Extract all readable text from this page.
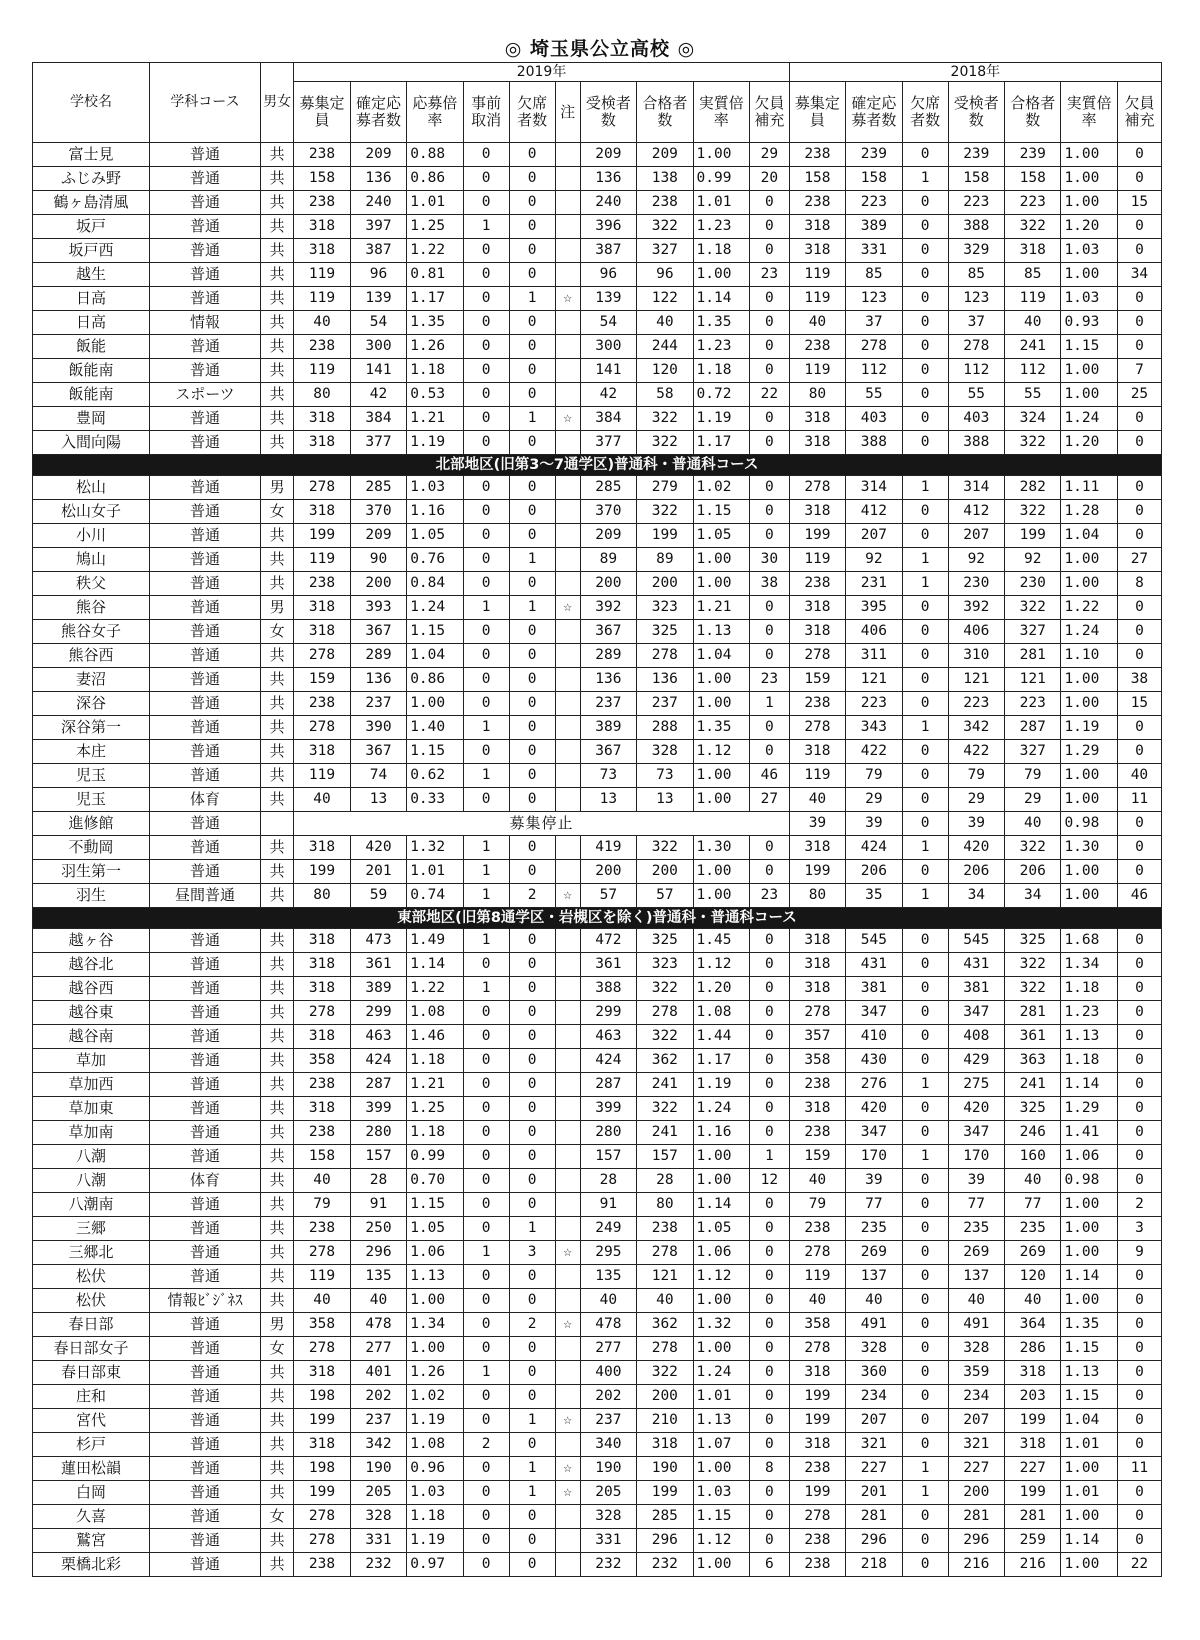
◎ 埼玉県公立高校 ◎
学校名	学科コース	男女	2019年										2018年						
			募集定員	確定応募者数	応募倍率	事前取消	欠席者数	注	受検者数	合格者数	実質倍率	欠員補充	募集定員	確定応募者数	欠席者数	受検者数	合格者数	実質倍率	欠員補充
富士見	普通	共	238	209	0.88	0	0		209	209	1.00	29	238	239	0	239	239	1.00	0
ふじみ野	普通	共	158	136	0.86	0	0		136	138	0.99	20	158	158	1	158	158	1.00	0
鶴ヶ島清風	普通	共	238	240	1.01	0	0		240	238	1.01	0	238	223	0	223	223	1.00	15
坂戸	普通	共	318	397	1.25	1	0		396	322	1.23	0	318	389	0	388	322	1.20	0
坂戸西	普通	共	318	387	1.22	0	0		387	327	1.18	0	318	331	0	329	318	1.03	0
越生	普通	共	119	96	0.81	0	0		96	96	1.00	23	119	85	0	85	85	1.00	34
日高	普通	共	119	139	1.17	0	1	☆	139	122	1.14	0	119	123	0	123	119	1.03	0
日高	情報	共	40	54	1.35	0	0		54	40	1.35	0	40	37	0	37	40	0.93	0
飯能	普通	共	238	300	1.26	0	0		300	244	1.23	0	238	278	0	278	241	1.15	0
飯能南	普通	共	119	141	1.18	0	0		141	120	1.18	0	119	112	0	112	112	1.00	7
飯能南	スポーツ	共	80	42	0.53	0	0		42	58	0.72	22	80	55	0	55	55	1.00	25
豊岡	普通	共	318	384	1.21	0	1	☆	384	322	1.19	0	318	403	0	403	324	1.24	0
入間向陽	普通	共	318	377	1.19	0	0		377	322	1.17	0	318	388	0	388	322	1.20	0
北部地区(旧第3～7通学区)普通科・普通科コース																			
松山	普通	男	278	285	1.03	0	0		285	279	1.02	0	278	314	1	314	282	1.11	0
松山女子	普通	女	318	370	1.16	0	0		370	322	1.15	0	318	412	0	412	322	1.28	0
小川	普通	共	199	209	1.05	0	0		209	199	1.05	0	199	207	0	207	199	1.04	0
鳩山	普通	共	119	90	0.76	0	1		89	89	1.00	30	119	92	1	92	92	1.00	27
秩父	普通	共	238	200	0.84	0	0		200	200	1.00	38	238	231	1	230	230	1.00	8
熊谷	普通	男	318	393	1.24	1	1	☆	392	323	1.21	0	318	395	0	392	322	1.22	0
熊谷女子	普通	女	318	367	1.15	0	0		367	325	1.13	0	318	406	0	406	327	1.24	0
熊谷西	普通	共	278	289	1.04	0	0		289	278	1.04	0	278	311	0	310	281	1.10	0
妻沼	普通	共	159	136	0.86	0	0		136	136	1.00	23	159	121	0	121	121	1.00	38
深谷	普通	共	238	237	1.00	0	0		237	237	1.00	1	238	223	0	223	223	1.00	15
深谷第一	普通	共	278	390	1.40	1	0		389	288	1.35	0	278	343	1	342	287	1.19	0
本庄	普通	共	318	367	1.15	0	0		367	328	1.12	0	318	422	0	422	327	1.29	0
児玉	普通	共	119	74	0.62	1	0		73	73	1.00	46	119	79	0	79	79	1.00	40
児玉	体育	共	40	13	0.33	0	0		13	13	1.00	27	40	29	0	29	29	1.00	11
進修館	普通		募集停止										39	39	0	39	40	0.98	0
不動岡	普通	共	318	420	1.32	1	0		419	322	1.30	0	318	424	1	420	322	1.30	0
羽生第一	普通	共	199	201	1.01	1	0		200	200	1.00	0	199	206	0	206	206	1.00	0
羽生	昼間普通	共	80	59	0.74	1	2	☆	57	57	1.00	23	80	35	1	34	34	1.00	46
東部地区(旧第8通学区・岩槻区を除く)普通科・普通科コース																			
越ヶ谷	普通	共	318	473	1.49	1	0		472	325	1.45	0	318	545	0	545	325	1.68	0
越谷北	普通	共	318	361	1.14	0	0		361	323	1.12	0	318	431	0	431	322	1.34	0
越谷西	普通	共	318	389	1.22	1	0		388	322	1.20	0	318	381	0	381	322	1.18	0
越谷東	普通	共	278	299	1.08	0	0		299	278	1.08	0	278	347	0	347	281	1.23	0
越谷南	普通	共	318	463	1.46	0	0		463	322	1.44	0	357	410	0	408	361	1.13	0
草加	普通	共	358	424	1.18	0	0		424	362	1.17	0	358	430	0	429	363	1.18	0
草加西	普通	共	238	287	1.21	0	0		287	241	1.19	0	238	276	1	275	241	1.14	0
草加東	普通	共	318	399	1.25	0	0		399	322	1.24	0	318	420	0	420	325	1.29	0
草加南	普通	共	238	280	1.18	0	0		280	241	1.16	0	238	347	0	347	246	1.41	0
八潮	普通	共	158	157	0.99	0	0		157	157	1.00	1	159	170	1	170	160	1.06	0
八潮	体育	共	40	28	0.70	0	0		28	28	1.00	12	40	39	0	39	40	0.98	0
八潮南	普通	共	79	91	1.15	0	0		91	80	1.14	0	79	77	0	77	77	1.00	2
三郷	普通	共	238	250	1.05	0	1		249	238	1.05	0	238	235	0	235	235	1.00	3
三郷北	普通	共	278	296	1.06	1	3	☆	295	278	1.06	0	278	269	0	269	269	1.00	9
松伏	普通	共	119	135	1.13	0	0		135	121	1.12	0	119	137	0	137	120	1.14	0
松伏	情報ﾋﾞｼﾞﾈｽ	共	40	40	1.00	0	0		40	40	1.00	0	40	40	0	40	40	1.00	0
春日部	普通	男	358	478	1.34	0	2	☆	478	362	1.32	0	358	491	0	491	364	1.35	0
春日部女子	普通	女	278	277	1.00	0	0		277	278	1.00	0	278	328	0	328	286	1.15	0
春日部東	普通	共	318	401	1.26	1	0		400	322	1.24	0	318	360	0	359	318	1.13	0
庄和	普通	共	198	202	1.02	0	0		202	200	1.01	0	199	234	0	234	203	1.15	0
宮代	普通	共	199	237	1.19	0	1	☆	237	210	1.13	0	199	207	0	207	199	1.04	0
杉戸	普通	共	318	342	1.08	2	0		340	318	1.07	0	318	321	0	321	318	1.01	0
蓮田松韻	普通	共	198	190	0.96	0	1	☆	190	190	1.00	8	238	227	1	227	227	1.00	11
白岡	普通	共	199	205	1.03	0	1	☆	205	199	1.03	0	199	201	1	200	199	1.01	0
久喜	普通	女	278	328	1.18	0	0		328	285	1.15	0	278	281	0	281	281	1.00	0
鷲宮	普通	共	278	331	1.19	0	0		331	296	1.12	0	238	296	0	296	259	1.14	0
栗橋北彩	普通	共	238	232	0.97	0	0		232	232	1.00	6	238	218	0	216	216	1.00	22
